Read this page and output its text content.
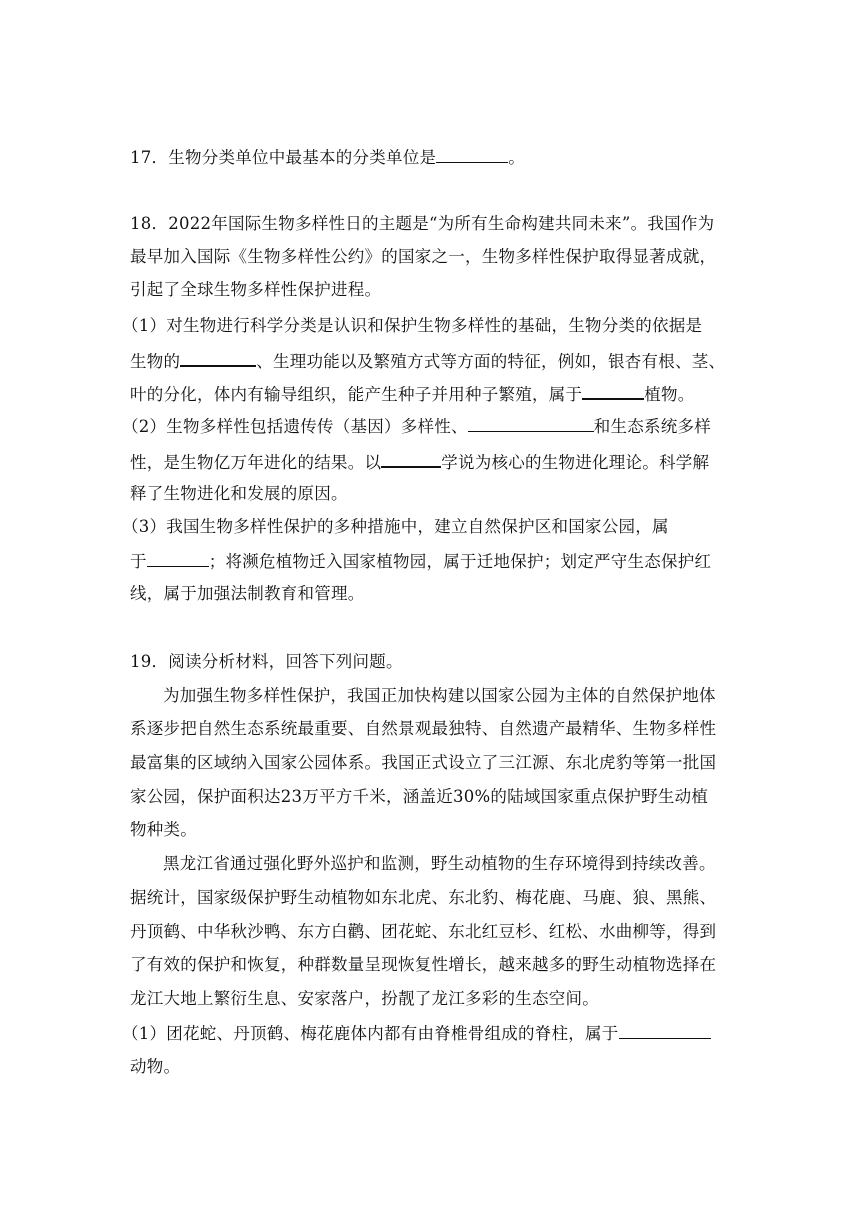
17．生物分类单位中最基本的分类单位是	。
18．2022年国际生物多样性日的主题是“为所有生命构建共同未来”。我国作为
最早加入国际《生物多样性公约》的国家之一，生物多样性保护取得显著成就，
引起了全球生物多样性保护进程。
（1）对生物进行科学分类是认识和保护生物多样性的基础，生物分类的依据是
生物的	、生理功能以及繁殖方式等方面的特征，例如，银杏有根、茎、
叶的分化，体内有输导组织，能产生种子并用种子繁殖，属于	植物。
（2）生物多样性包括遗传传（基因）多样性、	和生态系统多样
性，是生物亿万年进化的结果。以	学说为核心的生物进化理论。科学解
释了生物进化和发展的原因。
（3）我国生物多样性保护的多种措施中，建立自然保护区和国家公园，属
于	；将濒危植物迁入国家植物园，属于迁地保护；划定严守生态保护红
线，属于加强法制教育和管理。
19．阅读分析材料，回答下列问题。
为加强生物多样性保护，我国正加快构建以国家公园为主体的自然保护地体
系逐步把自然生态系统最重要、自然景观最独特、自然遗产最精华、生物多样性
最富集的区域纳入国家公园体系。我国正式设立了三江源、东北虎豹等第一批国
家公园，保护面积达23万平方千米，涵盖近30%的陆域国家重点保护野生动植
物种类。
黑龙江省通过强化野外巡护和监测，野生动植物的生存环境得到持续改善。
据统计，国家级保护野生动植物如东北虎、东北豹、梅花鹿、马鹿、狼、黑熊、
丹顶鹤、中华秋沙鸭、东方白鹳、团花蛇、东北红豆杉、红松、水曲柳等，得到
了有效的保护和恢复，种群数量呈现恢复性增长，越来越多的野生动植物选择在
龙江大地上繁衍生息、安家落户，扮靓了龙江多彩的生态空间。
（1）团花蛇、丹顶鹤、梅花鹿体内都有由脊椎骨组成的脊柱，属于
动物。
